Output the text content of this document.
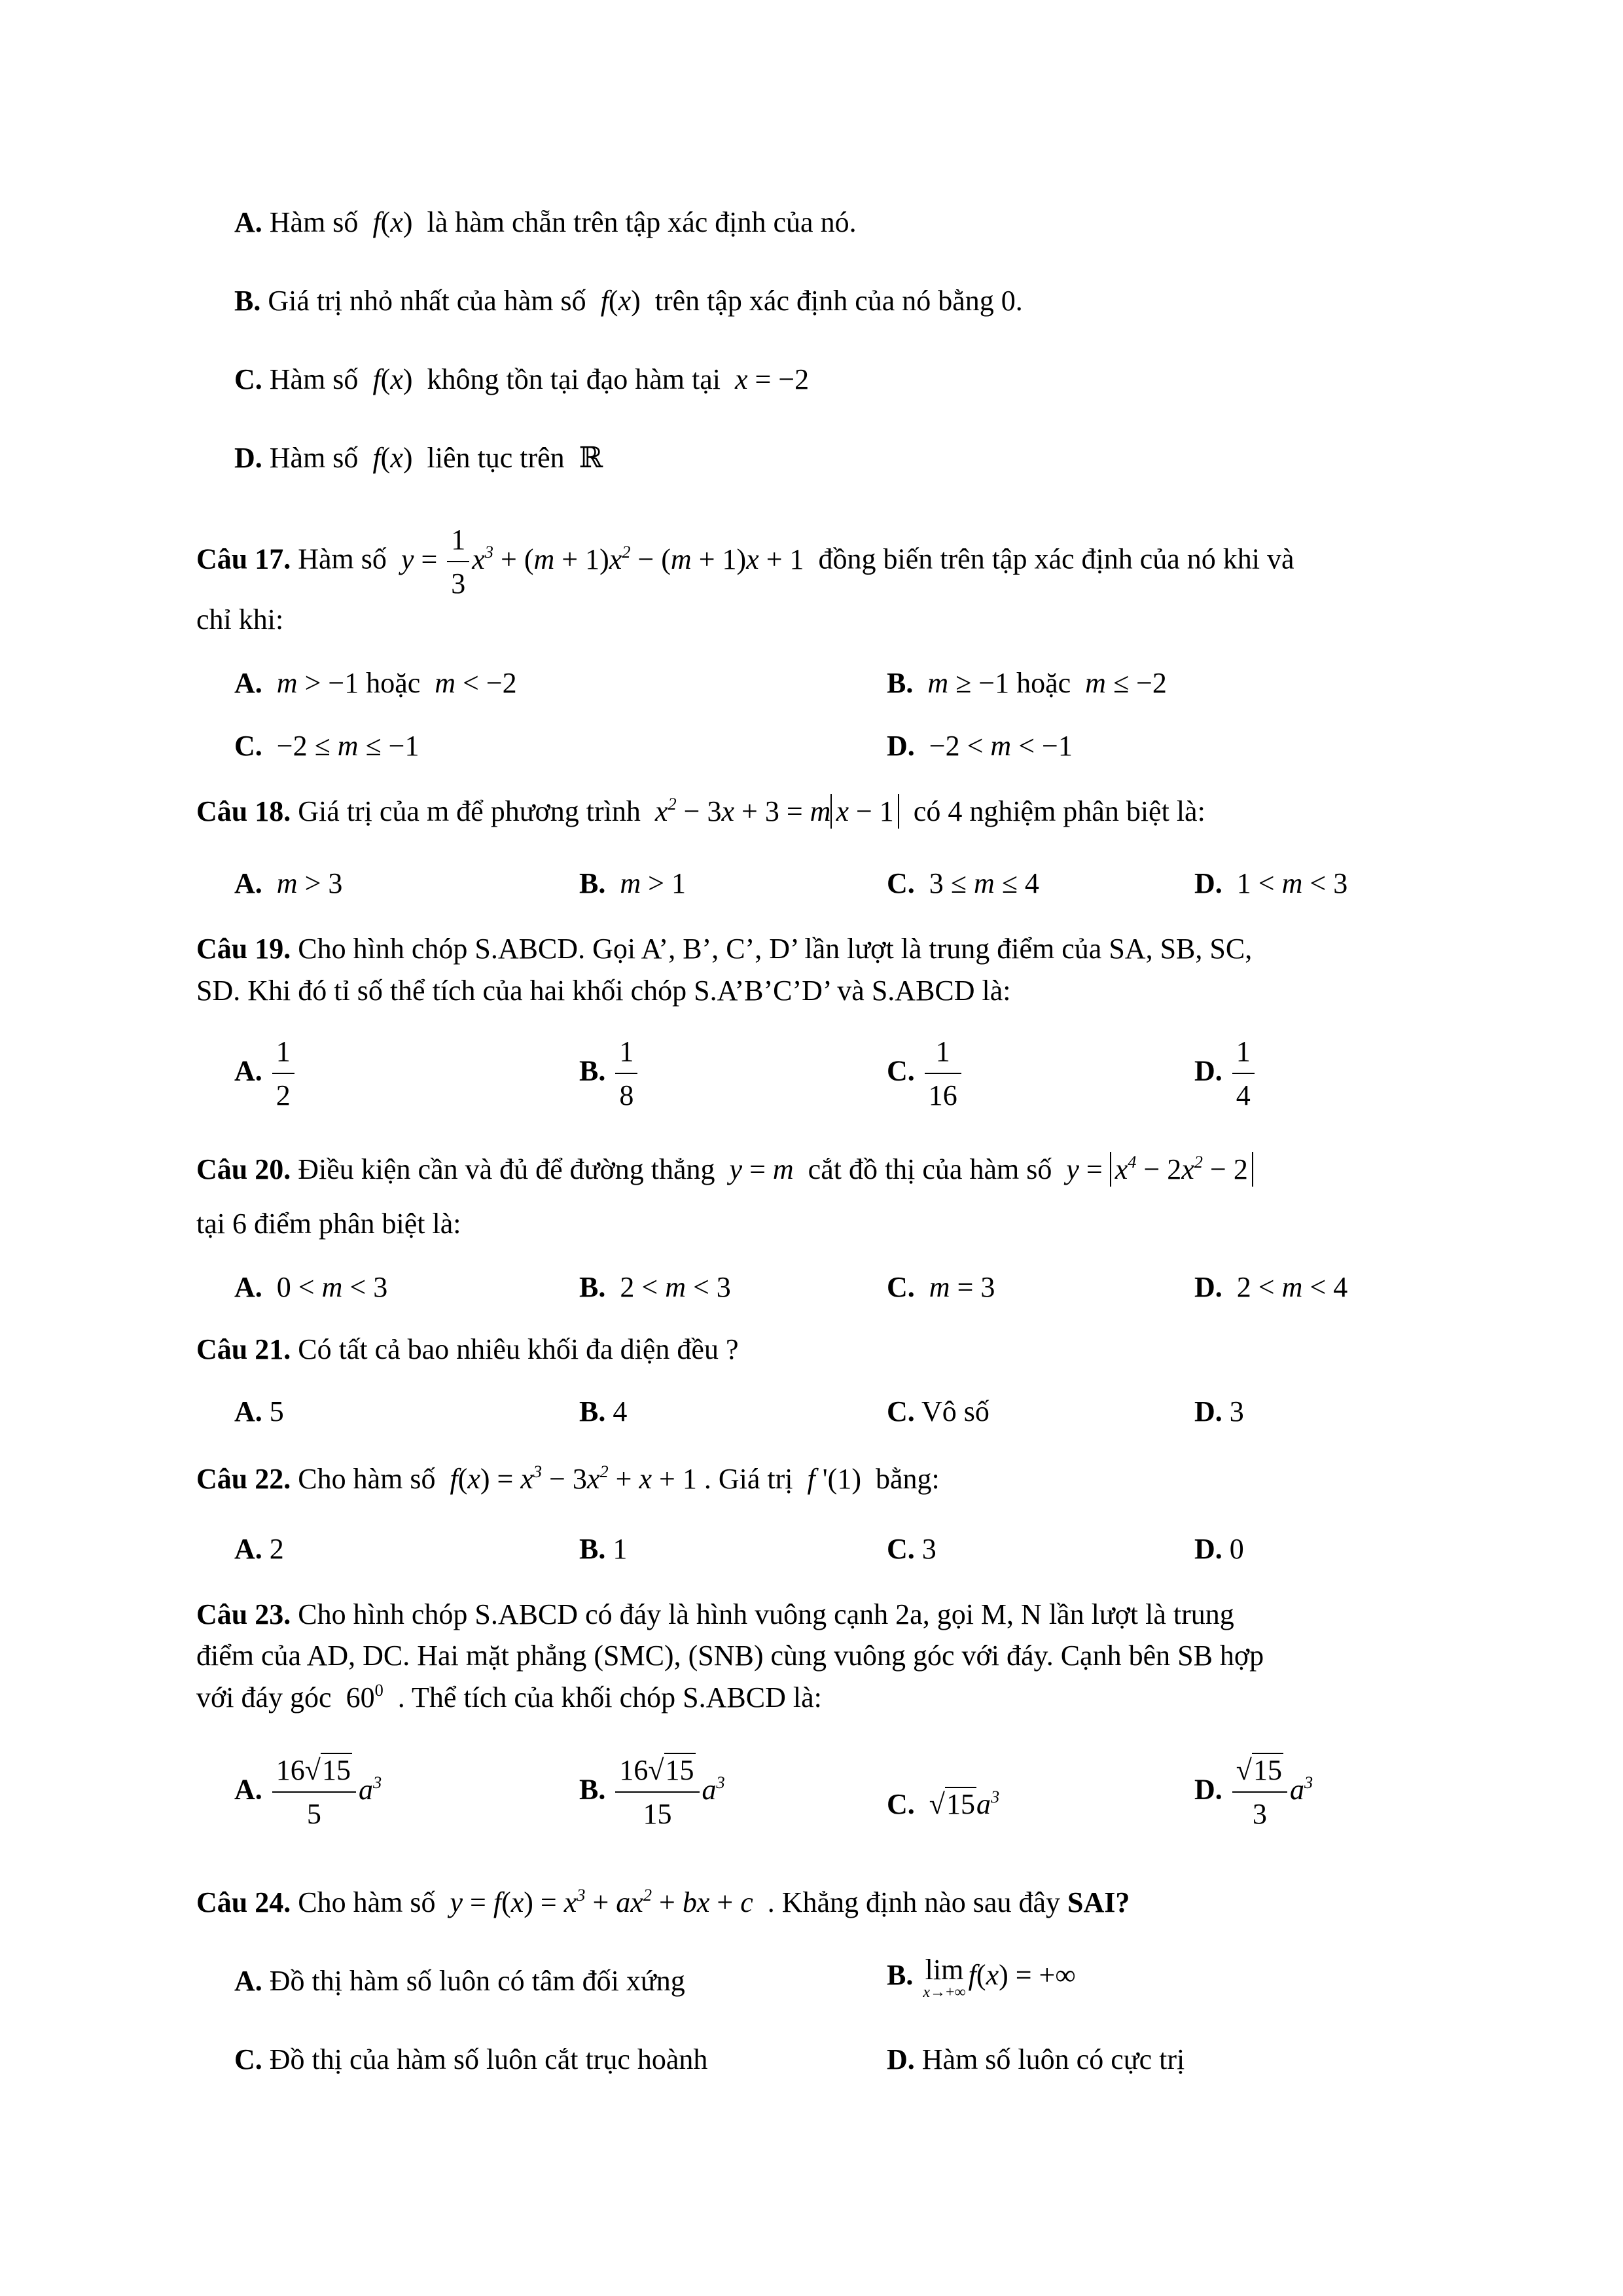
A. Hàm số  f(x) là hàm chẵn trên tập xác định của nó.
B. Giá trị nhỏ nhất của hàm số  f(x) trên tập xác định của nó bằng 0.
C. Hàm số  f(x) không tồn tại đạo hàm tại  x = −2
D. Hàm số  f(x) liên tục trên  ℝ
Câu 17. Hàm số  $y = \frac{1}{3} x^3 + (m + 1)x^2 - (m + 1)x + 1$  đồng biến trên tập xác định của nó khi và
chỉ khi:
A.  m > −1 hoặc  m < −2	B.  m ≥ −1 hoặc  m ≤ −2
C.  −2 ≤ m ≤ −1	D.  −2 < m < −1
Câu 18. Giá trị của m để phương trình  $x^2 - 3x + 3 = m$ x − 1 có 4 nghiệm phân biệt là:
A.  m > 3	B.  m > 1	C.  3 ≤ m ≤ 4	D.  1 < m < 3
Câu 19. Cho hình chóp S.ABCD. Gọi A’, B’, C’, D’ lần lượt là trung điểm của SA, SB, SC,
SD. Khi đó tỉ số thể tích của hai khối chóp S.A’B’C’D’ và S.ABCD là:
A. $\frac{1}{2}$	B. $\frac{1}{8}$	C. $\frac{1}{16}$	D. $\frac{1}{4}$
Câu 20. Điều kiện cần và đủ để đường thẳng  y = m  cắt đồ thị của hàm số  $y = x^4 - 2x^2 - 2$
tại 6 điểm phân biệt là:
A.  0 < m < 3	B.  2 < m < 3	C.  m = 3	D.  2 < m < 4
Câu 21. Có tất cả bao nhiêu khối đa diện đều ?
A. 5	B. 4	C. Vô số	D. 3
Câu 22. Cho hàm số  $f(x) = x^3 - 3x^2 + x + 1$ . Giá trị  f '(1)  bằng:
A. 2	B. 1	C. 3	D. 0
Câu 23. Cho hình chóp S.ABCD có đáy là hình vuông cạnh 2a, gọi M, N lần lượt là trung
điểm của AD, DC. Hai mặt phẳng (SMC), (SNB) cùng vuông góc với đáy. Cạnh bên SB hợp
với đáy góc  $60^0$ . Thể tích của khối chóp S.ABCD là:
A. $\frac{16√15}{5} a^3$	B. $\frac{16√15}{15} a^3$
C. $√15a^3$	D. $\frac{√15}{3} a^3$
Câu 24. Cho hàm số  $y = f(x) = x^3 + ax^2$ + bx + c  . Khẳng định nào sau đây SAI?
A. Đồ thị hàm số luôn có tâm đối xứng	B. lim
x→+∞
f(x) = +∞
C. Đồ thị của hàm số luôn cắt trục hoành	D. Hàm số luôn có cực trị
